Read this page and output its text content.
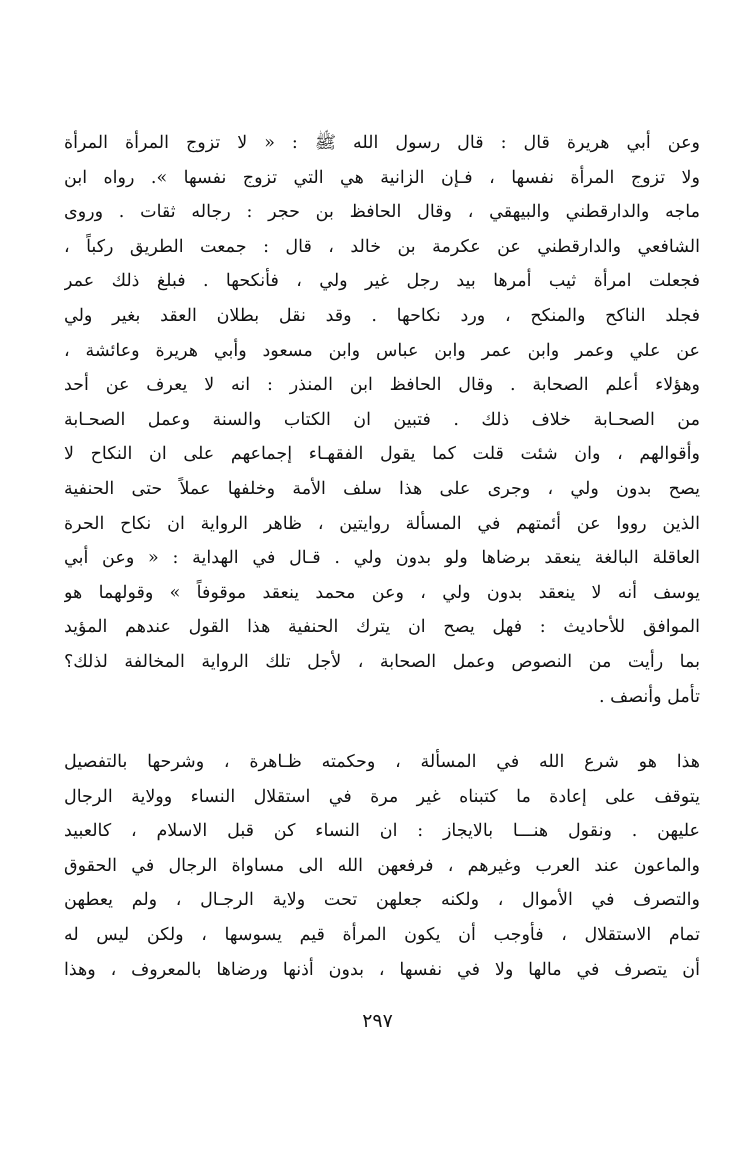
وعن أبي هريرة قال : قال رسول الله ﷺ : « لا تزوج المرأة المرأة
ولا تزوج المرأة نفسها ، فـإن الزانية هي التي تزوج نفسها ». رواه ابن
ماجه والدارقطني والبيهقي ، وقال الحافظ بن حجر : رجاله ثقات . وروى
الشافعي والدارقطني عن عكرمة بن خالد ، قال : جمعت الطريق ركباً ،
فجعلت امرأة ثيب أمرها بيد رجل غير ولي ، فأنكحها . فبلغ ذلك عمر
فجلد الناكح والمنكح ، ورد نكاحها . وقد نقل بطلان العقد بغير ولي
عن علي وعمر وابن عمر وابن عباس وابن مسعود وأبي هريرة وعائشة ،
وهؤلاء أعلم الصحابة . وقال الحافظ ابن المنذر : انه لا يعرف عن أحد
من الصحـابة خلاف ذلك . فتبين ان الكتاب والسنة وعمل الصحـابة
وأقوالهم ، وان شئت قلت كما يقول الفقهـاء إجماعهم على ان النكاح لا
يصح بدون ولي ، وجرى على هذا سلف الأمة وخلفها عملاً حتى الحنفية
الذين رووا عن أئمتهم في المسألة روايتين ، ظاهر الرواية ان نكاح الحرة
العاقلة البالغة ينعقد برضاها ولو بدون ولي . قـال في الهداية : « وعن أبي
يوسف أنه لا ينعقد بدون ولي ، وعن محمد ينعقد موقوفاً » وقولهما هو
الموافق للأحاديث : فهل يصح ان يترك الحنفية هذا القول عندهم المؤيد
بما رأيت من النصوص وعمل الصحابة ، لأجل تلك الرواية المخالفة لذلك؟
تأمل وأنصف .
هذا هو شرع الله في المسألة ، وحكمته ظـاهرة ، وشرحها بالتفصيل
يتوقف على إعادة ما كتبناه غير مرة في استقلال النساء وولاية الرجال
عليهن . ونقول هنـــا بالايجاز : ان النساء كن قبل الاسلام ، كالعبيد
والماعون عند العرب وغيرهم ، فرفعهن الله الى مساواة الرجال في الحقوق
والتصرف في الأموال ، ولكنه جعلهن تحت ولاية الرجـال ، ولم يعطهن
تمام الاستقلال ، فأوجب أن يكون المرأة قيم يسوسها ، ولكن ليس له
أن يتصرف في مالها ولا في نفسها ، بدون أذنها ورضاها بالمعروف ، وهذا
٢٩٧
